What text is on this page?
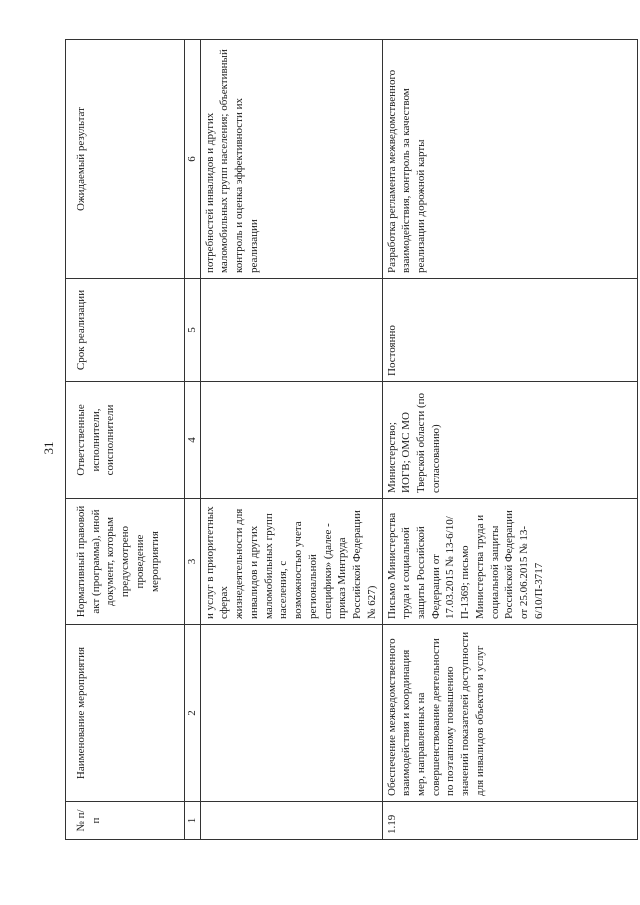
31
№ п/п	Наименование мероприятия	Нормативный правовой акт (программа), иной документ, которым предусмотрено проведение мероприятия	Ответственные исполнители, соисполнители	Срок реализации	Ожидаемый результат
1	2	3	4	5	6
		и услуг в приоритетных сферах жизнедеятельности для инвалидов и других маломобильных групп населения, с возможностью учета региональной специфики» (далее - приказ Минтруда Российской Федерации № 627)			потребностей инвалидов и других маломобильных групп населения; объективный контроль и оценка эффективности их реализации
1.19	Обеспечение межведомственного взаимодействия и координация мер, направленных на совершенствование деятельности по поэтапному повышению значений показателей доступности для инвалидов объектов и услуг	Письмо Министерства труда и социальной защиты Российской Федерации от 17.03.2015 № 13-6/10/П-1369; письмо Министерства труда и социальной защиты Российской Федерации от 25.06.2015 № 13-6/10/П-3717	Министерство; ИОГВ; ОМС МО Тверской области (по согласованию)	Постоянно	Разработка регламента межведомственного взаимодействия, контроль за качеством реализации дорожной карты
